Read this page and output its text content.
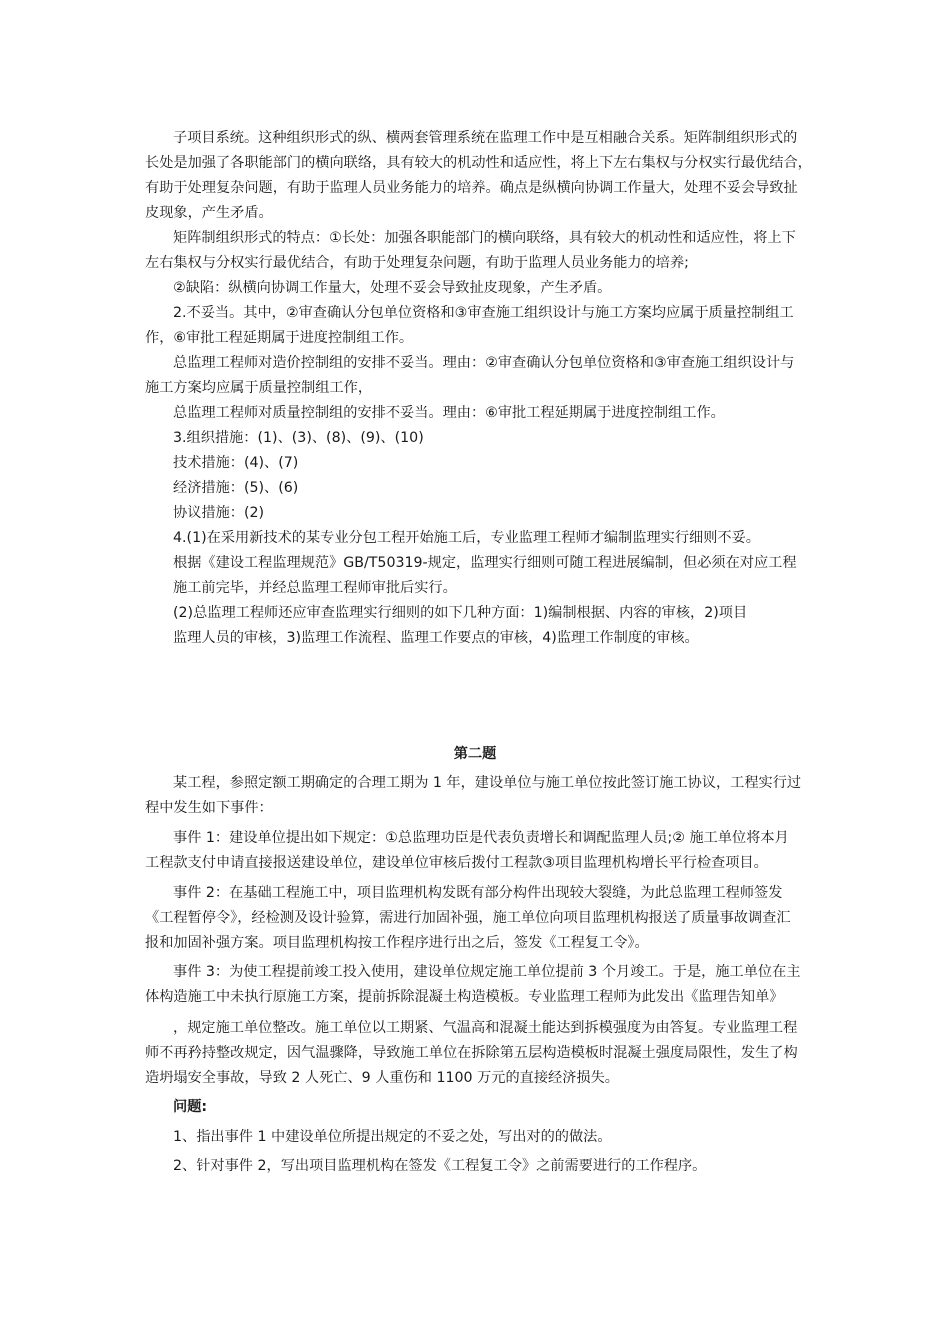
子项目系统。这种组织形式的纵、横两套管理系统在监理工作中是互相融合关系。矩阵制组织形式的
长处是加强了各职能部门的横向联络，具有较大的机动性和适应性，将上下左右集权与分权实行最优结合，
有助于处理复杂问题，有助于监理人员业务能力的培养。确点是纵横向协调工作量大，处理不妥会导致扯
皮现象，产生矛盾。
矩阵制组织形式的特点：①长处：加强各职能部门的横向联络，具有较大的机动性和适应性，将上下
左右集权与分权实行最优结合，有助于处理复杂问题，有助于监理人员业务能力的培养;
②缺陷：纵横向协调工作量大，处理不妥会导致扯皮现象，产生矛盾。
2.不妥当。其中，②审查确认分包单位资格和③审查施工组织设计与施工方案均应属于质量控制组工
作，⑥审批工程延期属于进度控制组工作。
总监理工程师对造价控制组的安排不妥当。理由：②审查确认分包单位资格和③审查施工组织设计与
施工方案均应属于质量控制组工作，
总监理工程师对质量控制组的安排不妥当。理由：⑥审批工程延期属于进度控制组工作。
3.组织措施：(1)、(3)、(8)、(9)、(10)
技术措施：(4)、(7)
经济措施：(5)、(6)
协议措施：(2)
4.(1)在采用新技术的某专业分包工程开始施工后，专业监理工程师才编制监理实行细则不妥。
根据《建设工程监理规范》GB/T50319-规定，监理实行细则可随工程进展编制，但必须在对应工程
施工前完毕，并经总监理工程师审批后实行。
(2)总监理工程师还应审查监理实行细则的如下几种方面：1)编制根据、内容的审核，2)项目
监理人员的审核，3)监理工作流程、监理工作要点的审核，4)监理工作制度的审核。
第二题
某工程，参照定额工期确定的合理工期为 1 年，建设单位与施工单位按此签订施工协议，工程实行过
程中发生如下事件：
事件 1：建设单位提出如下规定：①总监理功臣是代表负责增长和调配监理人员;② 施工单位将本月
工程款支付申请直接报送建设单位，建设单位审核后拨付工程款③项目监理机构增长平行检查项目。
事件 2：在基础工程施工中，项目监理机构发既有部分构件出现较大裂缝，为此总监理工程师签发
《工程暂停令》，经检测及设计验算，需进行加固补强，施工单位向项目监理机构报送了质量事故调查汇
报和加固补强方案。项目监理机构按工作程序进行出之后，签发《工程复工令》。
事件 3：为使工程提前竣工投入使用，建设单位规定施工单位提前 3 个月竣工。于是，施工单位在主
体构造施工中未执行原施工方案，提前拆除混凝土构造模板。专业监理工程师为此发出《监理告知单》
，规定施工单位整改。施工单位以工期紧、气温高和混凝土能达到拆模强度为由答复。专业监理工程
师不再矜持整改规定，因气温骤降，导致施工单位在拆除第五层构造模板时混凝土强度局限性，发生了构
造坍塌安全事故，导致 2 人死亡、9 人重伤和 1100 万元的直接经济损失。
问题:
1、指出事件 1 中建设单位所提出规定的不妥之处，写出对的的做法。
2、针对事件 2，写出项目监理机构在签发《工程复工令》之前需要进行的工作程序。
